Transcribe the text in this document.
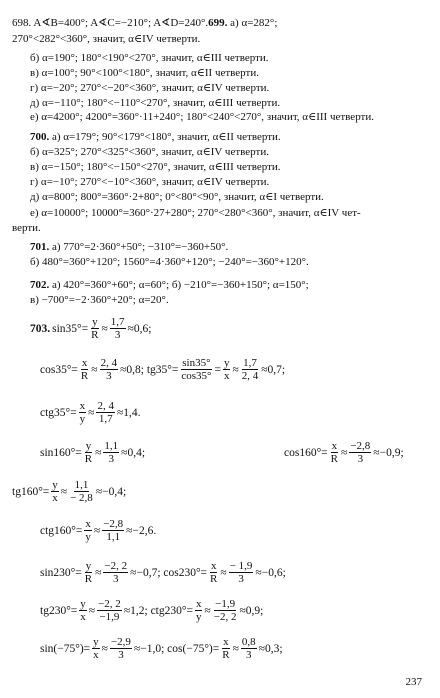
698. A∢B=400°; A∢C=−210°; A∢D=240°.699. а) α=282°;
270°<282°<360°, значит, α∈IV четверти.
б) α=190°; 180°<190°<270°, значит, α∈III четверти.
в) α=100°; 90°<100°<180°, значит, α∈II четверти.
г) α=−20°; 270°<−20°<360°, значит, α∈IV четверти.
д) α=−110°; 180°<−110°<270°, значит, α∈III четверти.
е) α=4200°; 4200°=360°·11+240°; 180°<240°<270°, значит, α∈III четверти.
700. а) α=179°; 90°<179°<180°, значит, α∈II четверти.
б) α=325°; 270°<325°<360°, значит, α∈IV четверти.
в) α=−150°; 180°<−150°<270°, значит, α∈III четверти.
г) α=−10°; 270°<−10°<360°, значит, α∈IV четверти.
д) α=800°; 800°=360°·2+80°; 0°<80°<90°, значит, α∈I четверти.
е) α=10000°; 10000°=360°·27+280°; 270°<280°<360°, значит, α∈IV чет-
верти.
701. а) 770°=2·360°+50°; −310°=−360+50°.
б) 480°=360°+120°; 1560°=4·360°+120°; −240°=−360°+120°.
702. а) 420°=360°+60°; α=60°; б) −210°=−360+150°; α=150°;
в) −700°=−2·360°+20°; α=20°.
703. $\sin 35^\circ= \frac{y}{R} \approx \frac{1,7}{3} \approx 0,6$;
$\cos 35^\circ= \frac{x}{R} \approx \frac{2, 4}{3} \approx 0,8$; $tg35^\circ= \frac{\sin 35^\circ}{\cos 35^\circ} = \frac{y}{x} \approx \frac{1,7}{2, 4} \approx 0,7$;
$ctg35^\circ= \frac{x}{y} \approx \frac{2, 4}{1,7} \approx 1,4$.
$\sin 160^\circ= \frac{y}{R} \approx \frac{1,1}{3} \approx 0,4$;	$\cos 160^\circ= \frac{x}{R} \approx \frac{-2,8}{3} \approx-0,9$;
$tg160^\circ= \frac{y}{x} \approx \frac{1,1}{- 2,8} \approx-0,4$;
$ctg160^\circ= \frac{x}{y} \approx \frac{-2,8}{1,1} \approx-2,6$.
$\sin 230^\circ= \frac{y}{R} \approx \frac{-2, 2}{3} \approx-0,7$; $\cos 230^\circ= \frac{x}{R} \approx \frac{- 1,9}{3} \approx-0,6$;
$tg230^\circ= \frac{y}{x} \approx \frac{-2, 2}{-1,9} \approx 1,2$; $ctg230^\circ= \frac{x}{y} \approx \frac{-1,9}{-2, 2} \approx 0,9$;
$\sin(-75^\circ)= \frac{y}{x} \approx \frac{-2,9}{3} \approx-1,0$; $\cos(-75^\circ)= \frac{x}{R} \approx \frac{0,8}{3} \approx 0,3$;
237
